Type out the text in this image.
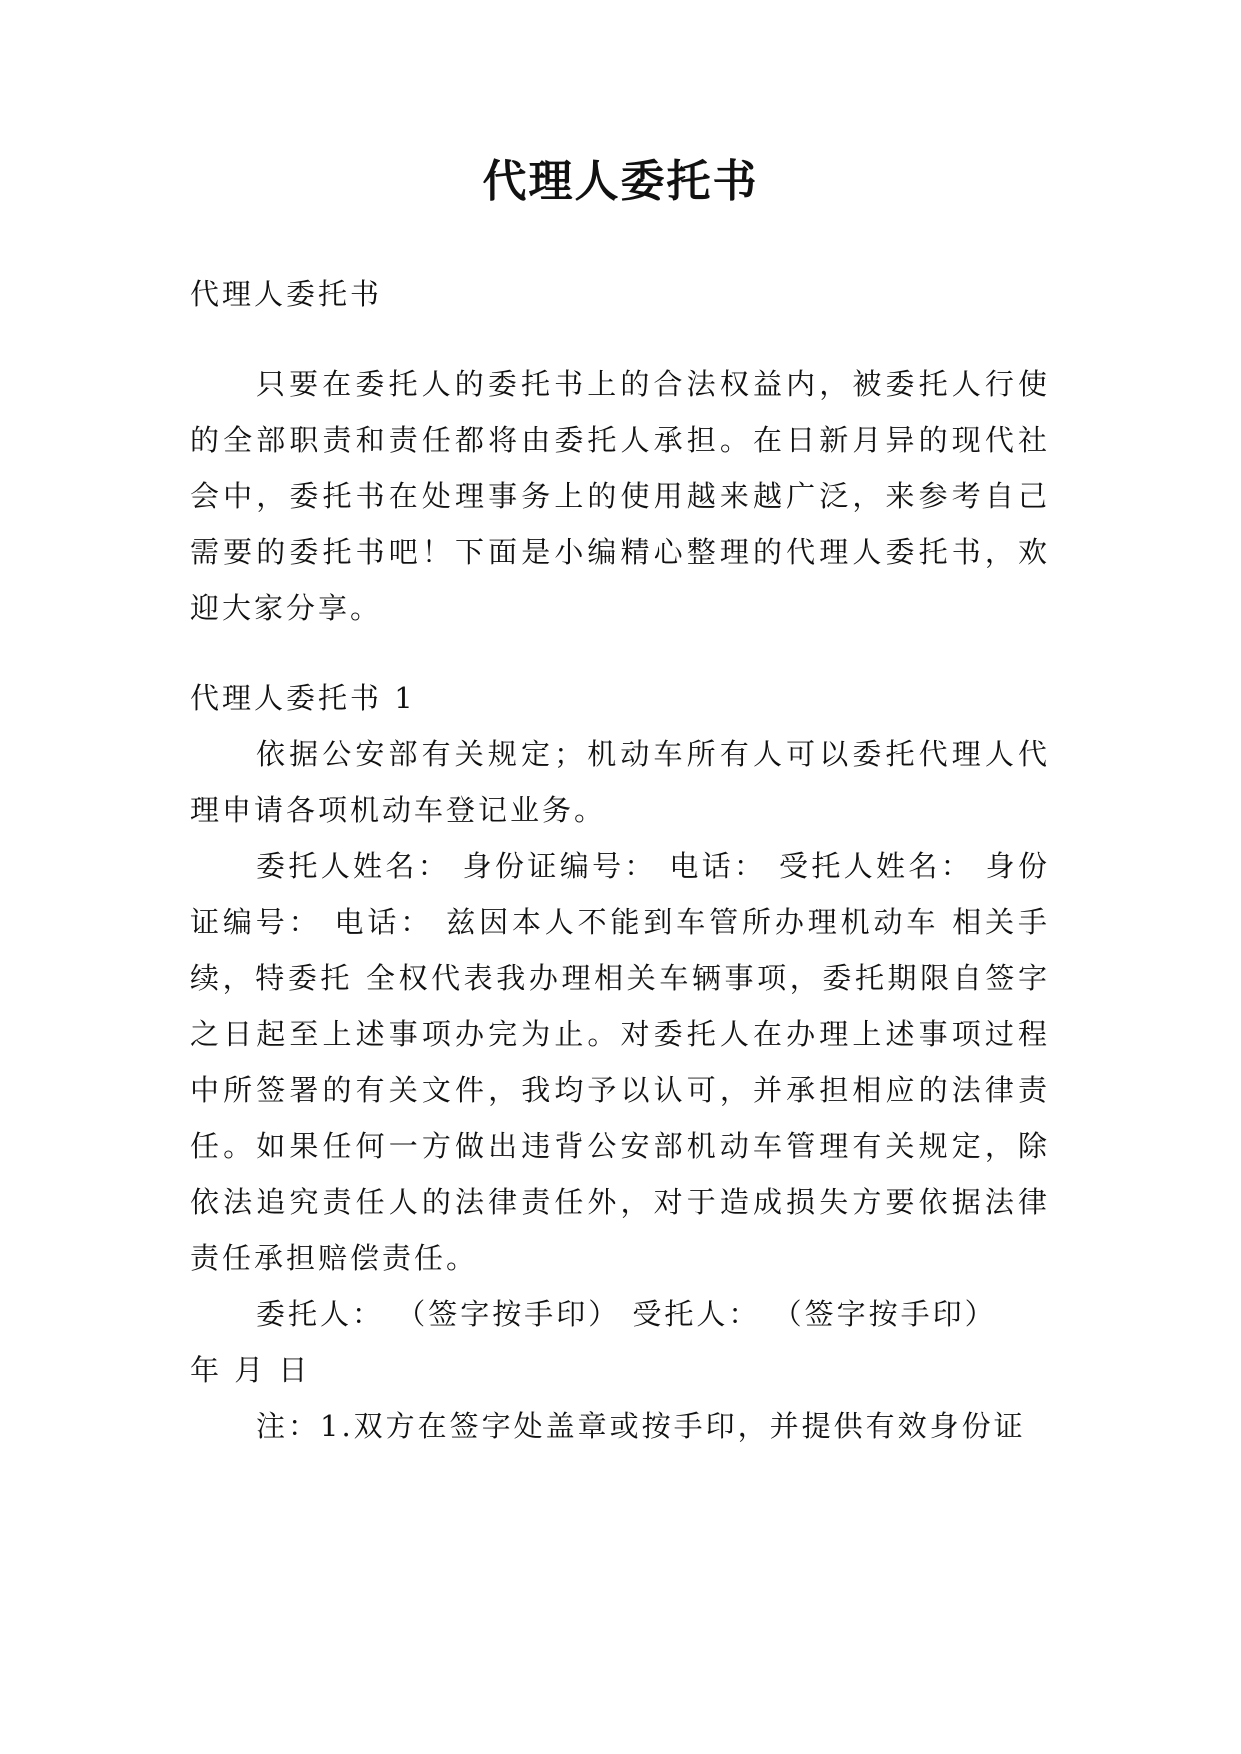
代理人委托书

代理人委托书

只要在委托人的委托书上的合法权益内，被委托人行使的全部职责和责任都将由委托人承担。在日新月异的现代社会中，委托书在处理事务上的使用越来越广泛，来参考自己需要的委托书吧！下面是小编精心整理的代理人委托书，欢迎大家分享。

代理人委托书 1

依据公安部有关规定；机动车所有人可以委托代理人代理申请各项机动车登记业务。

委托人姓名： 身份证编号： 电话： 受托人姓名： 身份证编号： 电话： 兹因本人不能到车管所办理机动车 相关手续，特委托 全权代表我办理相关车辆事项，委托期限自签字之日起至上述事项办完为止。对委托人在办理上述事项过程中所签署的有关文件，我均予以认可，并承担相应的法律责任。如果任何一方做出违背公安部机动车管理有关规定，除依法追究责任人的法律责任外，对于造成损失方要依据法律责任承担赔偿责任。

委托人： （签字按手印） 受托人： （签字按手印）

年 月 日

注：1.双方在签字处盖章或按手印，并提供有效身份证
